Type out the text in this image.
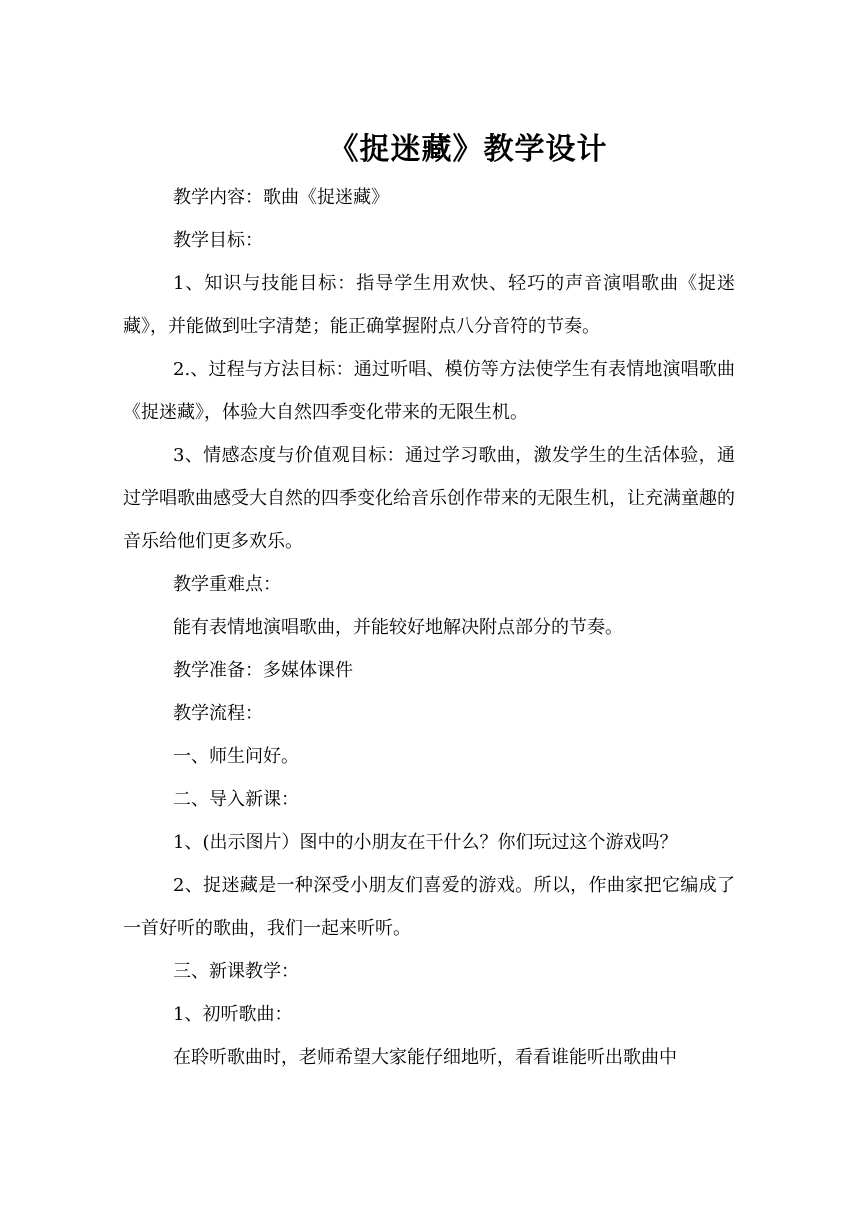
《捉迷藏》教学设计

教学内容：歌曲《捉迷藏》

教学目标：

1、知识与技能目标：指导学生用欢快、轻巧的声音演唱歌曲《捉迷藏》，并能做到吐字清楚；能正确掌握附点八分音符的节奏。

2.、过程与方法目标：通过听唱、模仿等方法使学生有表情地演唱歌曲《捉迷藏》，体验大自然四季变化带来的无限生机。

3、情感态度与价值观目标：通过学习歌曲，激发学生的生活体验，通过学唱歌曲感受大自然的四季变化给音乐创作带来的无限生机，让充满童趣的音乐给他们更多欢乐。

教学重难点：

能有表情地演唱歌曲，并能较好地解决附点部分的节奏。

教学准备：多媒体课件

教学流程：

一、师生问好。

二、导入新课：

1、(出示图片）图中的小朋友在干什么？你们玩过这个游戏吗？

2、捉迷藏是一种深受小朋友们喜爱的游戏。所以，作曲家把它编成了一首好听的歌曲，我们一起来听听。

三、新课教学：

1、初听歌曲：

在聆听歌曲时，老师希望大家能仔细地听，看看谁能听出歌曲中
